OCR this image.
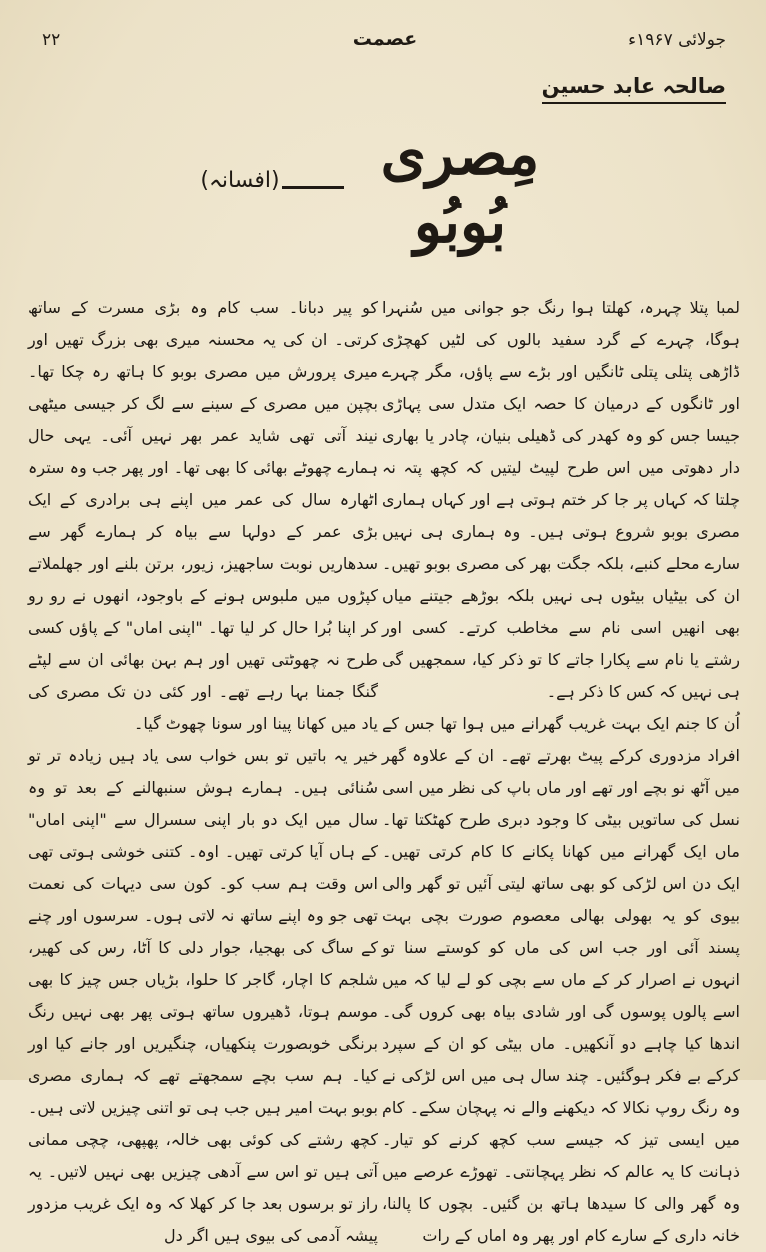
۲۲	عصمت	جولائی ۱۹۶۷ء
صالحہ عابد حسین
مِصری بُوبُو
(افسانہ)

لمبا پتلا چہرہ، کھلتا ہوا رنگ جو جوانی میں سُنہرا ہوگا، چہرے کے گرد سفید بالوں کی لٹیں کھچڑی ڈاڑھی پتلی پتلی ٹانگیں اور بڑے سے پاؤں، مگر چہرے اور ٹانگوں کے درمیان کا حصہ ایک متدل سی پہاڑی جیسا جس کو وہ کھدر کی ڈھیلی بنیان، چادر یا بھاری دار دھوتی میں اس طرح لپیٹ لیتیں کہ کچھ پتہ نہ چلتا کہ کہاں پر جا کر ختم ہوتی ہے اور کہاں ہماری مصری بوبو شروع ہوتی ہیں۔ وہ ہماری ہی نہیں سارے محلے کنبے، بلکہ جگت بھر کی مصری بوبو تھیں۔ ان کی بیٹیاں بیٹوں ہی نہیں بلکہ بوڑھے جیتنے میاں بھی انھیں اسی نام سے مخاطب کرتے۔ کسی اور رشتے یا نام سے پکارا جاتے کا تو ذکر کیا، سمجھیں گی ہی نہیں کہ کس کا ذکر ہے۔

اُن کا جنم ایک بہت غریب گھرانے میں ہوا تھا جس کے افراد مزدوری کرکے پیٹ بھرتے تھے۔ ان کے علاوہ گھر میں آٹھ نو بچے اور تھے اور ماں باپ کی نظر میں اسی نسل کی ساتویں بیٹی کا وجود دبری طرح کھٹکتا تھا۔ ماں ایک گھرانے میں کھانا پکانے کا کام کرتی تھیں۔ ایک دن اس لڑکی کو بھی ساتھ لیتی آئیں تو گھر والی بیوی کو یہ بھولی بھالی معصوم صورت بچی بہت پسند آئی اور جب اس کی ماں کو کوستے سنا تو انہوں نے اصرار کر کے ماں سے بچی کو لے لیا کہ میں اسے پالوں پوسوں گی اور شادی بیاہ بھی کروں گی۔ اندھا کیا چاہے دو آنکھیں۔ ماں بیٹی کو ان کے سپرد کرکے بے فکر ہوگئیں۔ چند سال ہی میں اس لڑکی نے وہ رنگ روپ نکالا کہ دیکھنے والے نہ پہچان سکے۔ کام میں ایسی تیز کہ جیسے سب کچھ کرنے کو تیار۔ ذہانت کا یہ عالم کہ نظر پہچانتی۔ تھوڑے عرصے میں وہ گھر والی کا سیدھا ہاتھ بن گئیں۔ بچوں کا پالنا، خانہ داری کے سارے کام اور پھر وہ اماں کے رات

کو پیر دبانا۔ سب کام وہ بڑی مسرت کے ساتھ کرتی۔ ان کی یہ محسنہ میری بھی بزرگ تھیں اور میری پرورش میں مصری بوبو کا ہاتھ رہ چکا تھا۔ بچپن میں مصری کے سینے سے لگ کر جیسی میٹھی نیند آتی تھی شاید عمر بھر نہیں آئی۔ یہی حال ہمارے چھوٹے بھائی کا بھی تھا۔ اور پھر جب وہ سترہ اٹھارہ سال کی عمر میں اپنے ہی برادری کے ایک بڑی عمر کے دولہا سے بیاہ کر ہمارے گھر سے سدھاریں نوبت ساجھیز، زیور، برتن بلنے اور جھلملاتے کپڑوں میں ملبوس ہونے کے باوجود، انھوں نے رو رو کر اپنا بُرا حال کر لیا تھا۔ "اپنی اماں" کے پاؤں کسی طرح نہ چھوٹتی تھیں اور ہم بہن بھائی ان سے لپٹے گنگا جمنا بہا رہے تھے۔ اور کئی دن تک مصری کی یاد میں کھانا پینا اور سونا چھوٹ گیا۔

خیر یہ باتیں تو بس خواب سی یاد ہیں زیادہ تر تو سُنائی ہیں۔ ہمارے ہوش سنبھالنے کے بعد تو وہ سال میں ایک دو بار اپنی سسرال سے "اپنی اماں" کے ہاں آیا کرتی تھیں۔ اوہ۔ کتنی خوشی ہوتی تھی اس وقت ہم سب کو۔ کون سی دیہات کی نعمت تھی جو وہ اپنے ساتھ نہ لاتی ہوں۔ سرسوں اور چنے کے ساگ کی بھجیا، جوار دلی کا آٹا، رس کی کھیر، شلجم کا اچار، گاجر کا حلوا، بڑیاں جس چیز کا بھی موسم ہوتا، ڈھیروں ساتھ ہوتی پھر بھی نہیں رنگ برنگی خوبصورت پنکھیاں، چنگیریں اور جانے کیا اور کیا۔ ہم سب بچے سمجھتے تھے کہ ہماری مصری بوبو بہت امیر ہیں جب ہی تو اتنی چیزیں لاتی ہیں۔ کچھ رشتے کی کوئی بھی خالہ، پھپھی، چچی ممانی آتی ہیں تو اس سے آدھی چیزیں بھی نہیں لاتیں۔ یہ راز تو برسوں بعد جا کر کھلا کہ وہ ایک غریب مزدور پیشہ آدمی کی بیوی ہیں اگر دل
